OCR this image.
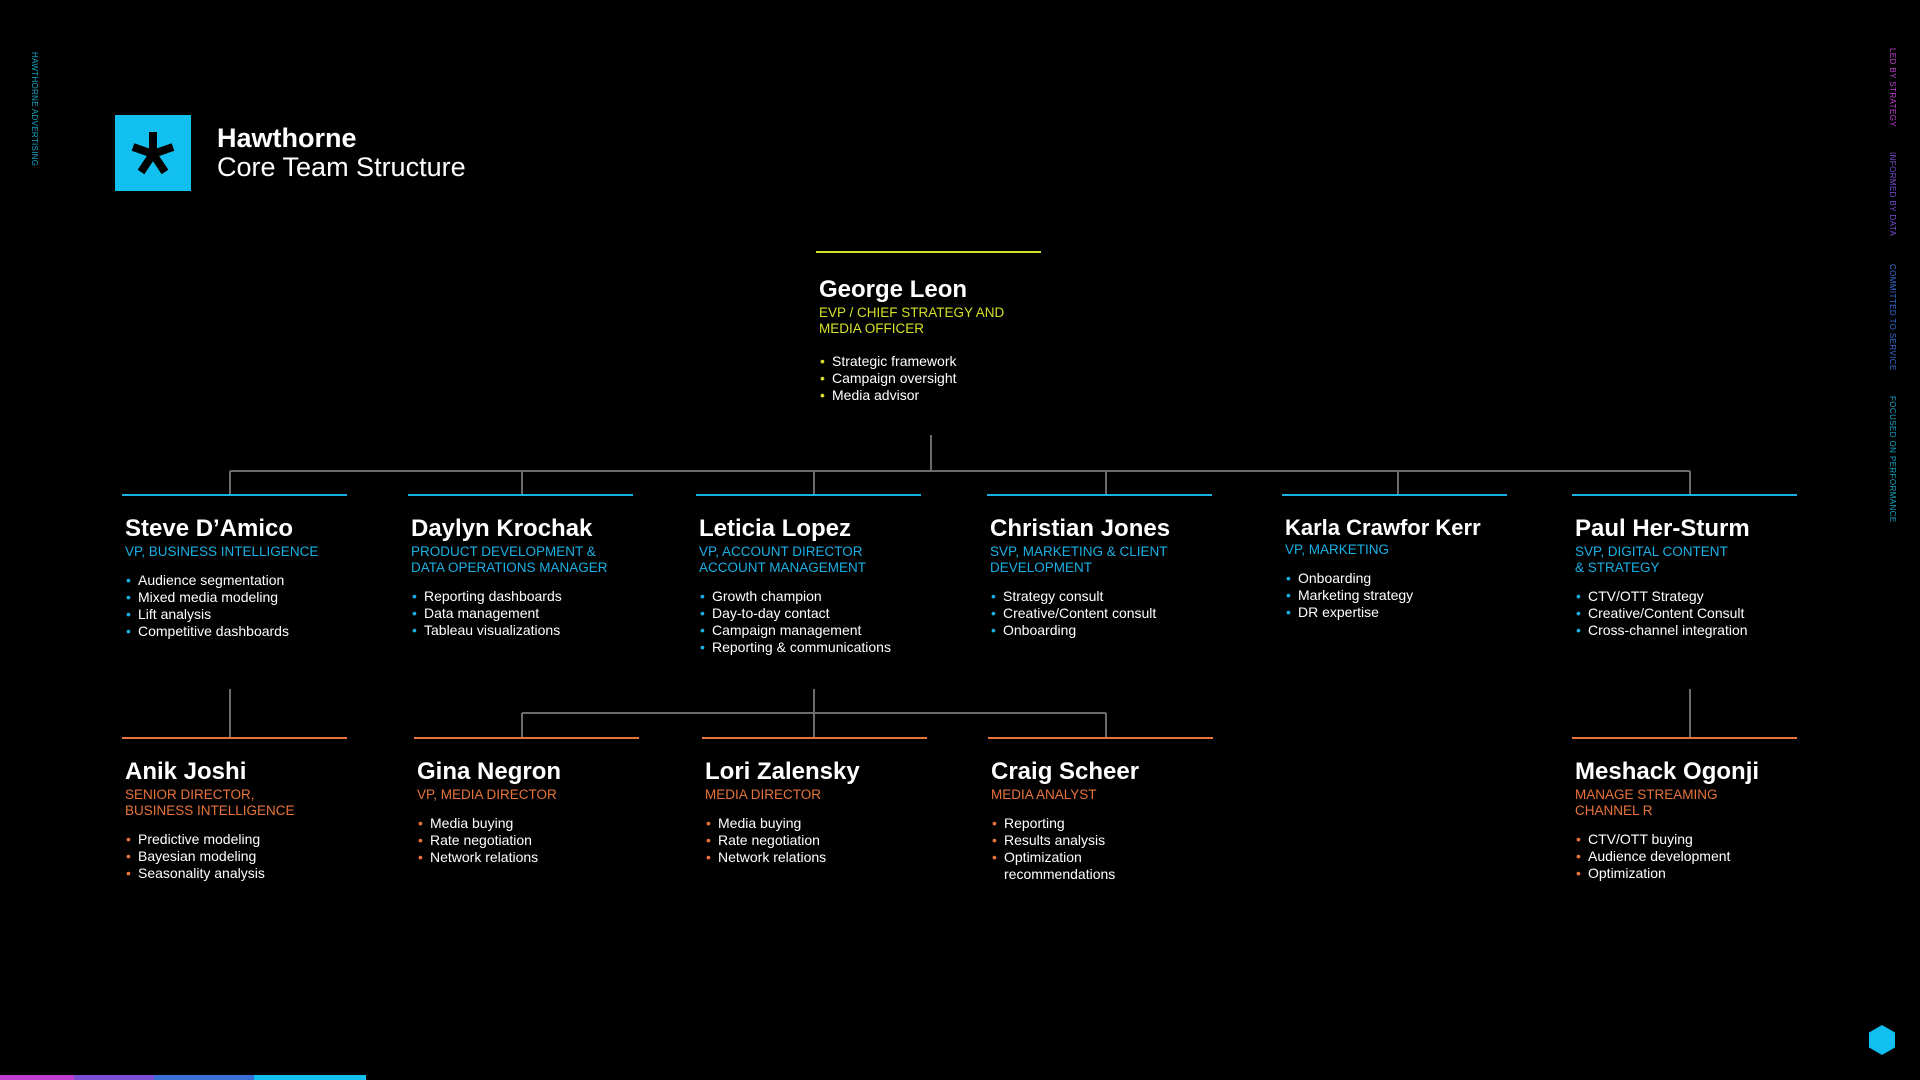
HAWTHORNE ADVERTISING	LED BY STRATEGY
INFORMED BY DATA
COMMITTED TO SERVICE
FOCUSED ON PERFORMANCE
Hawthorne
Core Team Structure
George Leon
EVP / CHIEF STRATEGY AND
MEDIA OFFICER
• Strategic framework
• Campaign oversight
• Media advisor
Steve D’Amico
VP, BUSINESS INTELLIGENCE
• Audience segmentation
• Mixed media modeling
• Lift analysis
• Competitive dashboards
Daylyn Krochak
PRODUCT DEVELOPMENT &
DATA OPERATIONS MANAGER
• Reporting dashboards
• Data management
• Tableau visualizations
Leticia Lopez
VP, ACCOUNT DIRECTOR
ACCOUNT MANAGEMENT
• Growth champion
• Day-to-day contact
• Campaign management
• Reporting & communications
Christian Jones
SVP, MARKETING & CLIENT
DEVELOPMENT
• Strategy consult
• Creative/Content consult
• Onboarding
Karla Crawfor Kerr
VP, MARKETING
• Onboarding
• Marketing strategy
• DR expertise
Paul Her-Sturm
SVP, DIGITAL CONTENT
& STRATEGY
• CTV/OTT Strategy
• Creative/Content Consult
• Cross-channel integration
Anik Joshi
SENIOR DIRECTOR,
BUSINESS INTELLIGENCE
• Predictive modeling
• Bayesian modeling
• Seasonality analysis
Gina Negron
VP, MEDIA DIRECTOR
• Media buying
• Rate negotiation
• Network relations
Lori Zalensky
MEDIA DIRECTOR
• Media buying
• Rate negotiation
• Network relations
Craig Scheer
MEDIA ANALYST
• Reporting
• Results analysis
• Optimization
recommendations
Meshack Ogonji
MANAGE STREAMING
CHANNEL R
• CTV/OTT buying
• Audience development
• Optimization
